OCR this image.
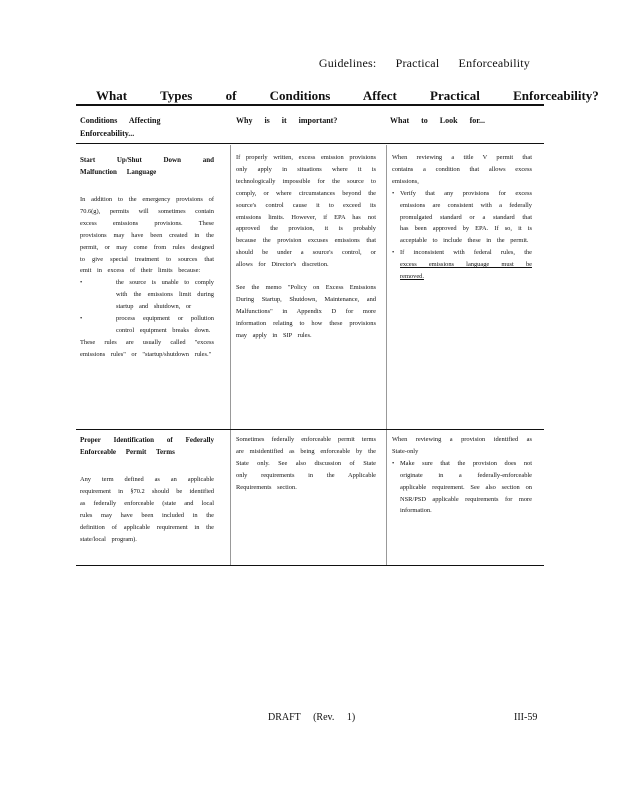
Guidelines: Practical Enforceability
What Types of Conditions Affect Practical Enforceability?
Conditions Affecting Enforceability...
Why is it important?	What to Look for...

Start Up/Shut Down and Malfunction Language

In addition to the emergency provisions of 70.6(g), permits will sometimes contain excess emissions provisions. These provisions may have been created in the permit, or may come from rules designed to give special treatment to sources that emit in excess of their limits because:

• the source is unable to comply with the emissions limit during startup and shutdown, or
• process equipment or pollution control equipment breaks down.

These rules are usually called "excess emissions rules" or "startup/shutdown rules."

If properly written, excess emission provisions only apply in situations where it is technologically impossible for the source to comply, or where circumstances beyond the source's control cause it to exceed its emissions limits. However, if EPA has not approved the provision, it is probably because the provision excuses emissions that should be under a source's control, or allows for Director's discretion.

See the memo "Policy on Excess Emissions During Startup, Shutdown, Maintenance, and Malfunctions" in Appendix D for more information relating to how these provisions may apply in SIP rules.

When reviewing a title V permit that contains a condition that allows excess emissions,

• Verify that any provisions for excess emissions are consistent with a federally promulgated standard or a standard that has been approved by EPA. If so, it is acceptable to include these in the permit.
• If inconsistent with federal rules, the excess emissions language must be removed.

Proper Identification of Federally Enforceable Permit Terms

Any term defined as an applicable requirement in §70.2 should be identified as federally enforceable (state and local rules may have been included in the definition of applicable requirement in the state/local program).

Sometimes federally enforceable permit terms are misidentified as being enforceable by the State only. See also discussion of State only requirements in the Applicable Requirements section.

When reviewing a provision identified as State-only

• Make sure that the provision does not originate in a federally-enforceable applicable requirement. See also section on NSR/PSD applicable requirements for more information.
DRAFT (Rev. 1)	III-59
